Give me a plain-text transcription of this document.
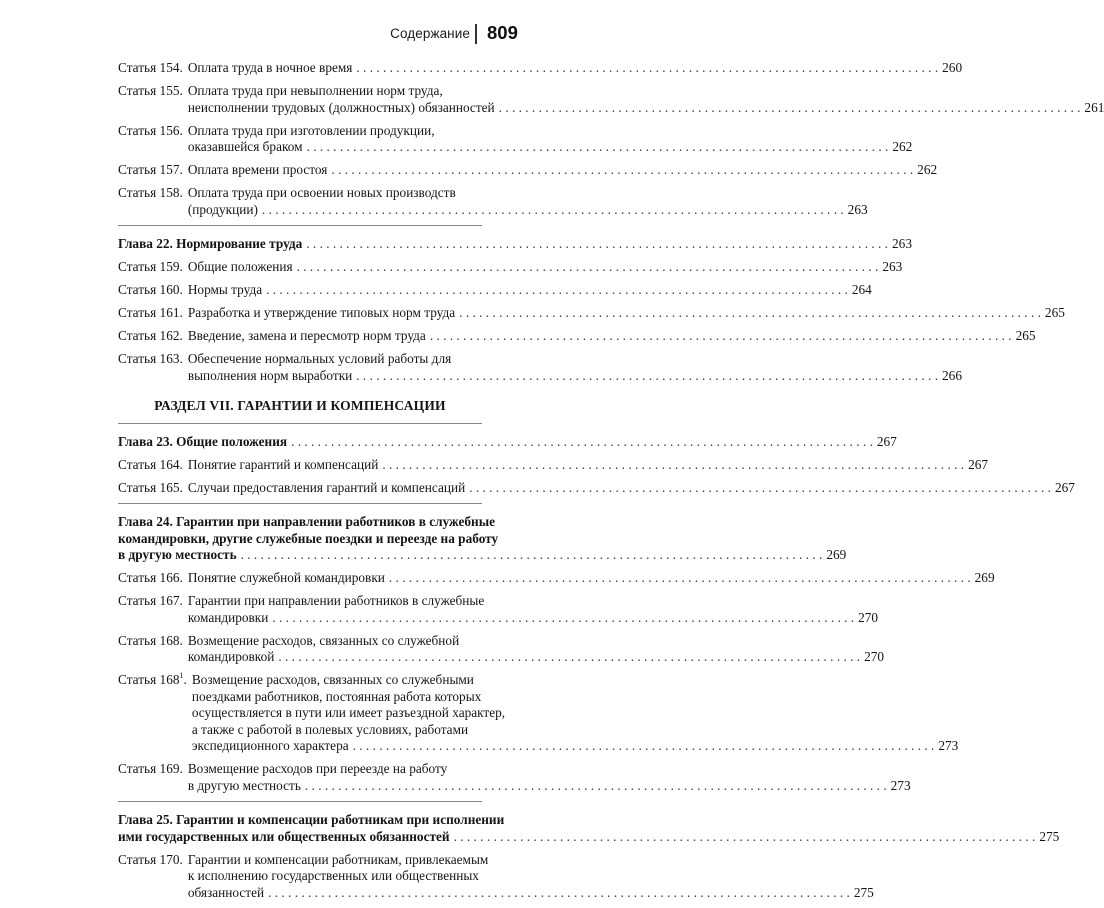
Содержание 809
Статья 154. Оплата труда в ночное время . . .	260
Статья 155. Оплата труда при невыполнении норм труда,
неисполнении трудовых (должностных) обязанностей . . .	261
Статья 156. Оплата труда при изготовлении продукции,
оказавшейся браком . . .	262
Статья 157. Оплата времени простоя . . .	262
Статья 158. Оплата труда при освоении новых производств
(продукции) . . .	263
Глава 22. Нормирование труда . . .	263
Статья 159. Общие положения . . .	263
Статья 160. Нормы труда . . .	264
Статья 161. Разработка и утверждение типовых норм труда . . .	265
Статья 162. Введение, замена и пересмотр норм труда . . .	265
Статья 163. Обеспечение нормальных условий работы для
выполнения норм выработки . . .	266
РАЗДЕЛ VII. ГАРАНТИИ И КОМПЕНСАЦИИ
Глава 23. Общие положения . . .	267
Статья 164. Понятие гарантий и компенсаций . . .	267
Статья 165. Случаи предоставления гарантий и компенсаций . . .	267
Глава 24. Гарантии при направлении работников в служебные
командировки, другие служебные поездки и переезде на работу
в другую местность . . .	269
Статья 166. Понятие служебной командировки . . .	269
Статья 167. Гарантии при направлении работников в служебные
командировки . . .	270
Статья 168. Возмещение расходов, связанных со служебной
командировкой . . .	270
Статья $168^1$. Возмещение расходов, связанных со служебными
поездками работников, постоянная работа которых
осуществляется в пути или имеет разъездной характер,
а также с работой в полевых условиях, работами
экспедиционного характера . . .	273
Статья 169. Возмещение расходов при переезде на работу
в другую местность . . .	273
Глава 25. Гарантии и компенсации работникам при исполнении
ими государственных или общественных обязанностей . . .	275
Статья 170. Гарантии и компенсации работникам, привлекаемым
к исполнению государственных или общественных
обязанностей . . .	275
